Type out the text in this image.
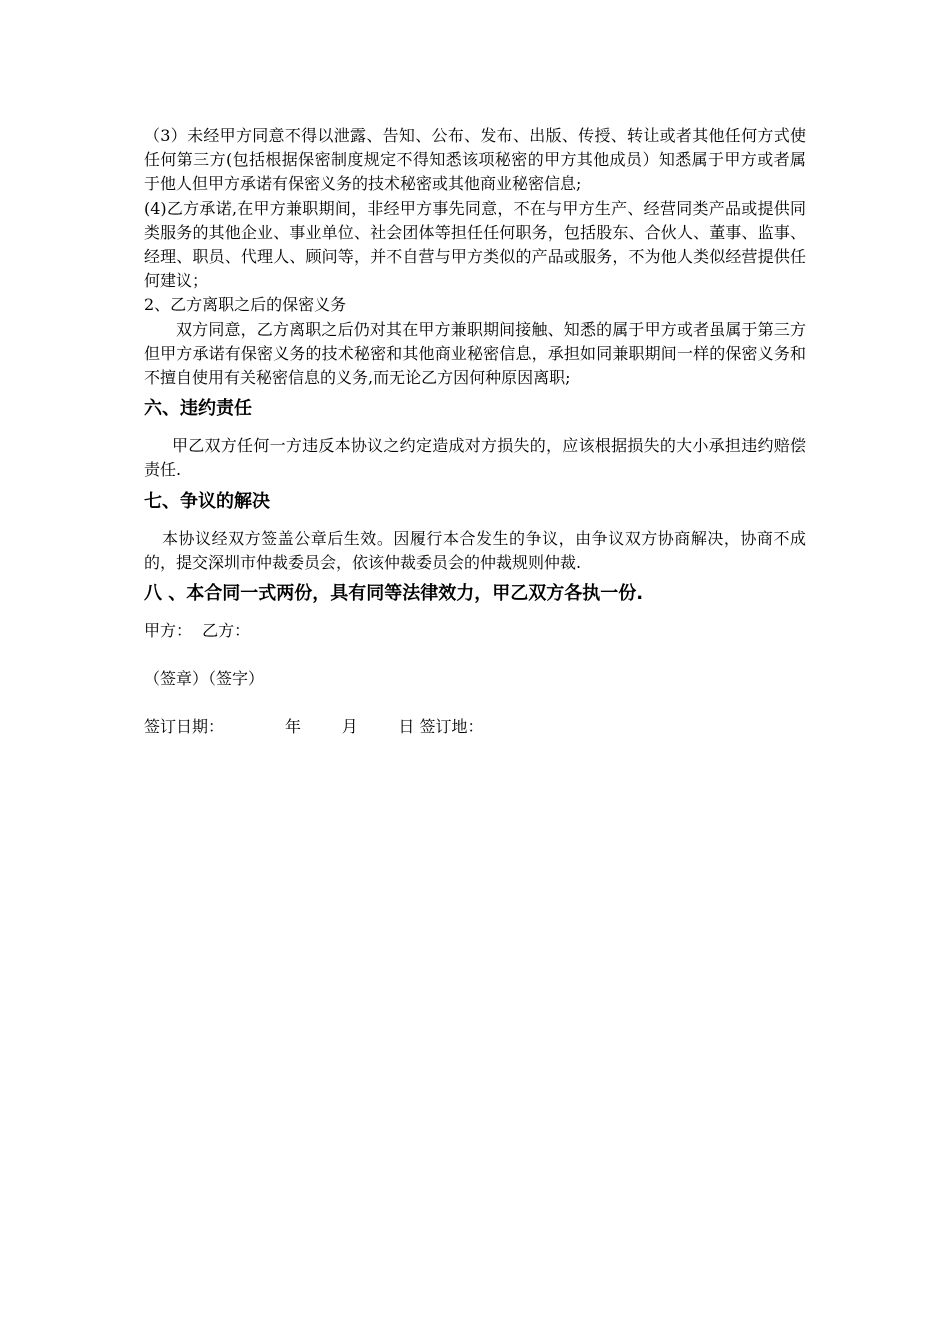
（3）未经甲方同意不得以泄露、告知、公布、发布、出版、传授、转让或者其他任何方式使任何第三方(包括根据保密制度规定不得知悉该项秘密的甲方其他成员）知悉属于甲方或者属于他人但甲方承诺有保密义务的技术秘密或其他商业秘密信息;

(4)乙方承诺,在甲方兼职期间，非经甲方事先同意，不在与甲方生产、经营同类产品或提供同类服务的其他企业、事业单位、社会团体等担任任何职务，包括股东、合伙人、董事、监事、经理、职员、代理人、顾问等，并不自营与甲方类似的产品或服务，不为他人类似经营提供任何建议；

2、乙方离职之后的保密义务

双方同意，乙方离职之后仍对其在甲方兼职期间接触、知悉的属于甲方或者虽属于第三方但甲方承诺有保密义务的技术秘密和其他商业秘密信息，承担如同兼职期间一样的保密义务和不擅自使用有关秘密信息的义务,而无论乙方因何种原因离职;

六、违约责任

甲乙双方任何一方违反本协议之约定造成对方损失的，应该根据损失的大小承担违约赔偿责任.

七、争议的解决

本协议经双方签盖公章后生效。因履行本合发生的争议，由争议双方协商解决，协商不成的，提交深圳市仲裁委员会，依该仲裁委员会的仲裁规则仲裁.

八 、本合同一式两份，具有同等法律效力，甲乙双方各执一份.

甲方：  乙方：

（签章）（签字）

签订日期：            年        月        日 签订地：
